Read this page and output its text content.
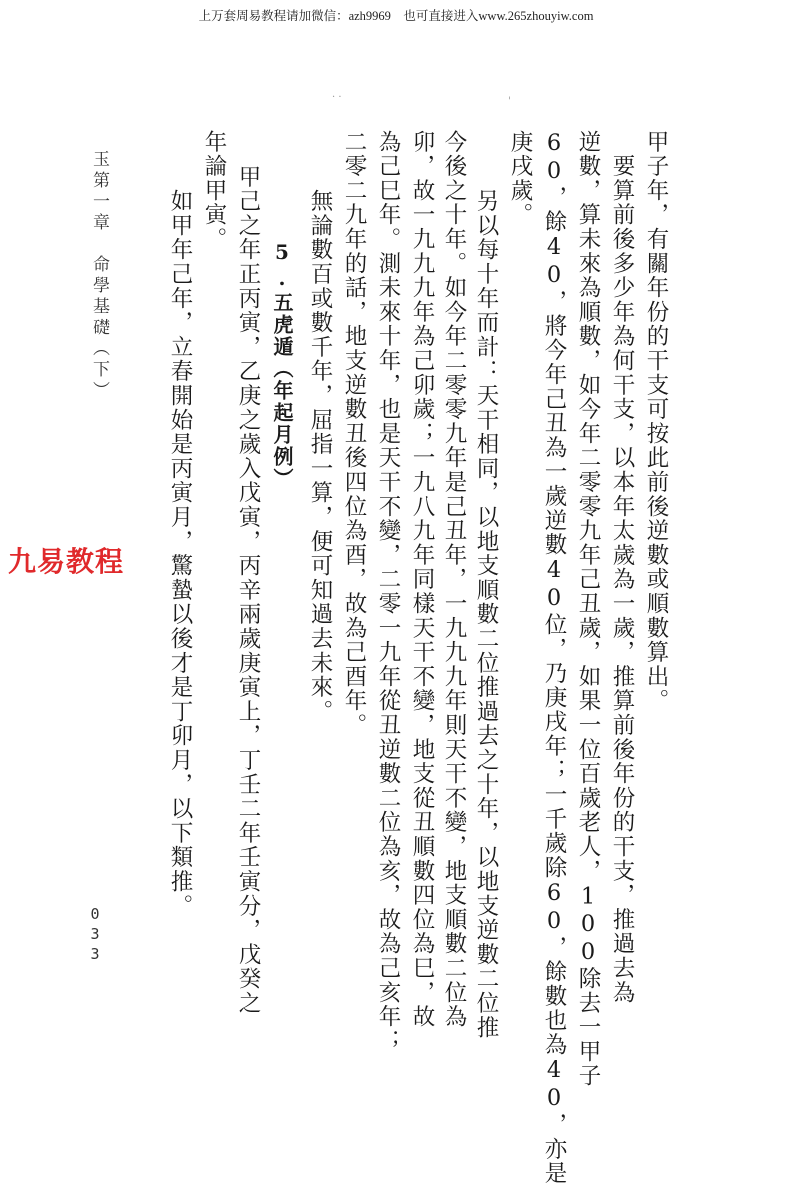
上万套周易教程请加微信：azh9969　也可直接进入www.265zhouyiw.com
· ·	'
甲子年，有關年份的干支可按此前後逆數或順數算出。
　要算前後多少年為何干支，以本年太歲為一歲，推算前後年份的干支，推過去為
逆數，算未來為順數，如今年二零零九年己丑歲，如果一位百歲老人，100除去一甲子
60，餘40，將今年己丑為一歲逆數40位，乃庚戌年；一千歲除60，餘數也為40，亦是
庚戌歲。
　另以每十年而計：天干相同，以地支順數二位推過去之十年，以地支逆數二位推
今後之十年。如今年二零零九年是己丑年，一九九九年則天干不變，地支順數二位為
卯，故一九九九年為己卯歲；一九八九年同樣天干不變，地支從丑順數四位為巳，故
為己巳年。測未來十年，也是天干不變，二零一九年從丑逆數二位為亥，故為己亥年；
二零二九年的話，地支逆數丑後四位為酉，故為己酉年。
　無論數百或數千年，屈指一算，便可知過去未來。
5.五虎遁（年起月例）
甲己之年正丙寅，乙庚之歲入戊寅，丙辛兩歲庚寅上，丁壬二年壬寅分，戊癸之
年論甲寅。
　如甲年己年，立春開始是丙寅月，驚蟄以後才是丁卯月，以下類推。
玉第一章　命學基礎（下）
九易教程
033
